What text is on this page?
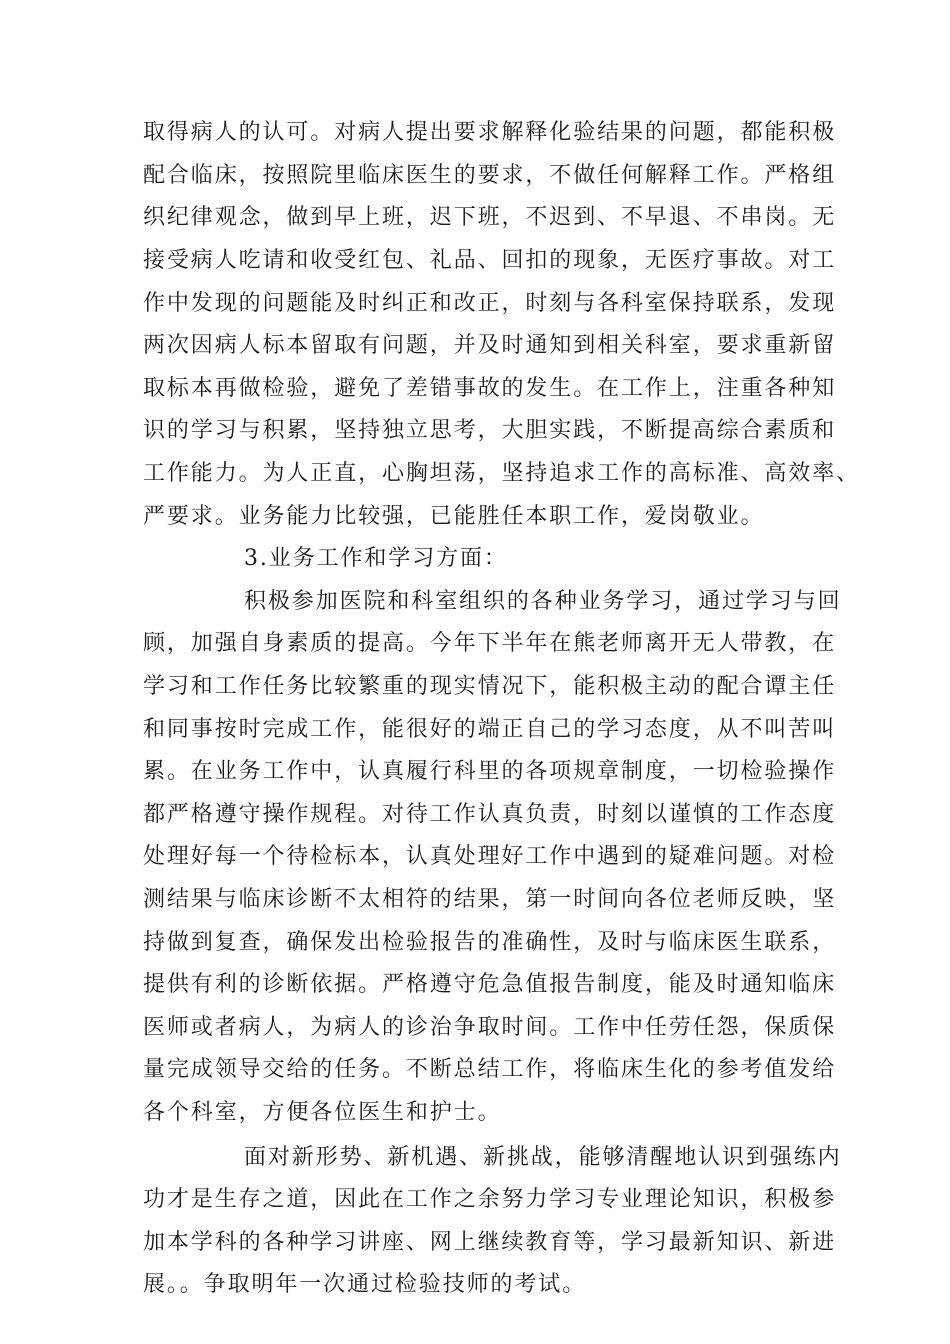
取得病人的认可。对病人提出要求解释化验结果的问题，都能积极
配合临床，按照院里临床医生的要求，不做任何解释工作。严格组
织纪律观念，做到早上班，迟下班，不迟到、不早退、不串岗。无
接受病人吃请和收受红包、礼品、回扣的现象，无医疗事故。对工
作中发现的问题能及时纠正和改正，时刻与各科室保持联系，发现
两次因病人标本留取有问题，并及时通知到相关科室，要求重新留
取标本再做检验，避免了差错事故的发生。在工作上，注重各种知
识的学习与积累，坚持独立思考，大胆实践，不断提高综合素质和
工作能力。为人正直，心胸坦荡，坚持追求工作的高标准、高效率、
严要求。业务能力比较强，已能胜任本职工作，爱岗敬业。
3.业务工作和学习方面：
积极参加医院和科室组织的各种业务学习，通过学习与回
顾，加强自身素质的提高。今年下半年在熊老师离开无人带教，在
学习和工作任务比较繁重的现实情况下，能积极主动的配合谭主任
和同事按时完成工作，能很好的端正自己的学习态度，从不叫苦叫
累。在业务工作中，认真履行科里的各项规章制度，一切检验操作
都严格遵守操作规程。对待工作认真负责，时刻以谨慎的工作态度
处理好每一个待检标本，认真处理好工作中遇到的疑难问题。对检
测结果与临床诊断不太相符的结果，第一时间向各位老师反映，坚
持做到复查，确保发出检验报告的准确性，及时与临床医生联系，
提供有利的诊断依据。严格遵守危急值报告制度，能及时通知临床
医师或者病人，为病人的诊治争取时间。工作中任劳任怨，保质保
量完成领导交给的任务。不断总结工作，将临床生化的参考值发给
各个科室，方便各位医生和护士。
面对新形势、新机遇、新挑战，能够清醒地认识到强练内
功才是生存之道，因此在工作之余努力学习专业理论知识，积极参
加本学科的各种学习讲座、网上继续教育等，学习最新知识、新进
展。。争取明年一次通过检验技师的考试。
